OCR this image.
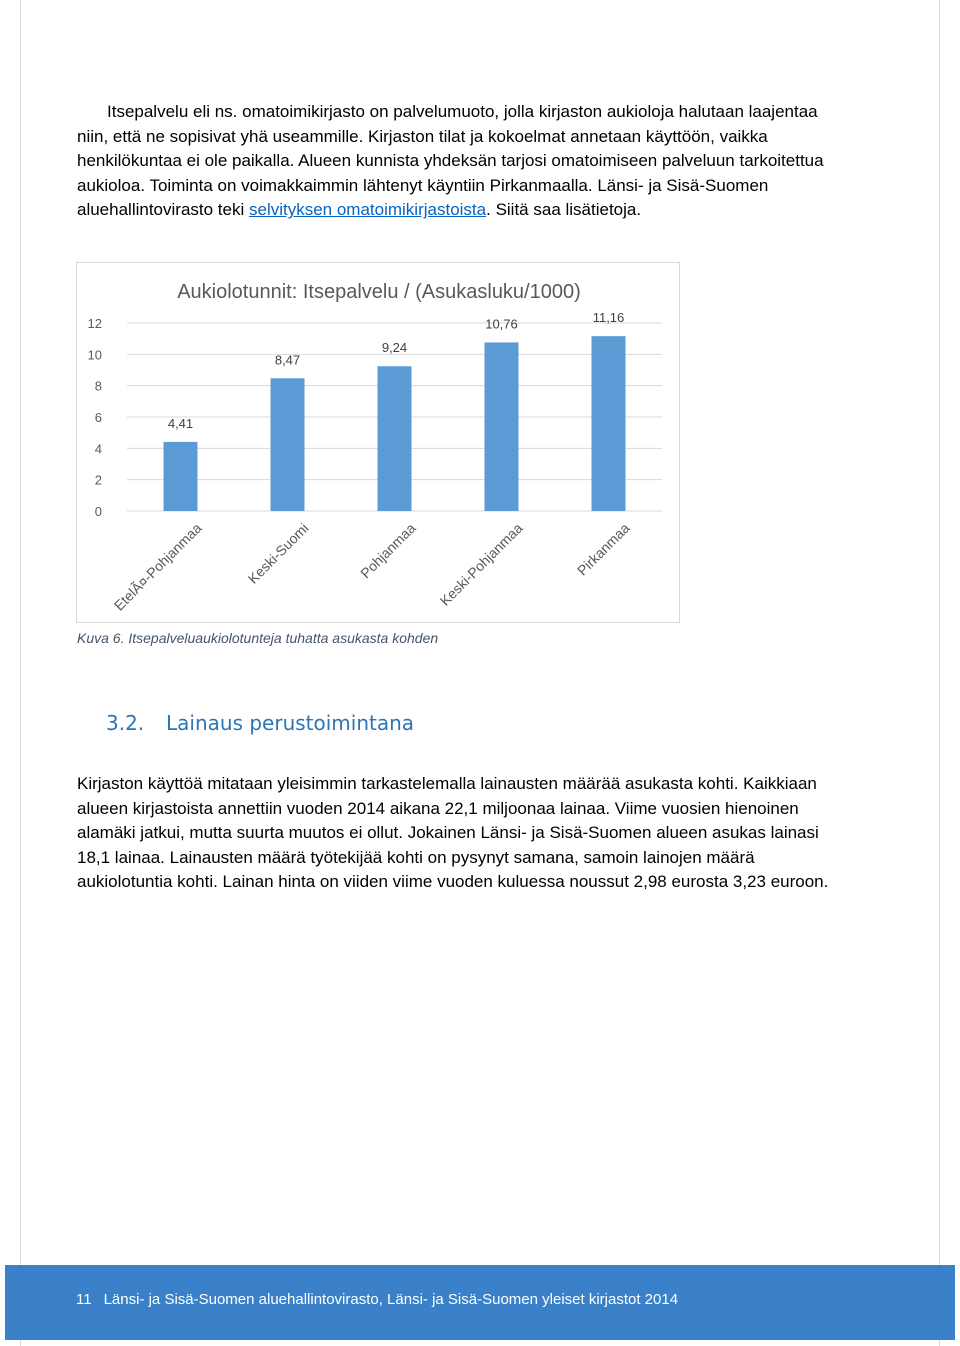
Itsepalvelu eli ns. omatoimikirjasto on palvelumuoto, jolla kirjaston aukioloja halutaan laajentaa
niin, että ne sopisivat yhä useammille. Kirjaston tilat ja kokoelmat annetaan käyttöön, vaikka
henkilökuntaa ei ole paikalla. Alueen kunnista yhdeksän tarjosi omatoimiseen palveluun tarkoitettua
aukioloa. Toiminta on voimakkaimmin lähtenyt käyntiin Pirkanmaalla. Länsi- ja Sisä-Suomen
aluehallintovirasto teki selvityksen omatoimikirjastoista. Siitä saa lisätietoja.

Aukiolotunnit: Itsepalvelu / (Asukasluku/1000)
0
2
4
6
8
10
12
4,41
8,47
9,24
10,76	11,16
EtelÃ¤-Pohjanmaa	Keski-Suomi	Pohjanmaa Keski-Pohjanmaa	Pirkanmaa
Kuva 6. Itsepalveluaukiolotunteja tuhatta asukasta kohden
3.2. Lainaus perustoimintana

Kirjaston käyttöä mitataan yleisimmin tarkastelemalla lainausten määrää asukasta kohti. Kaikkiaan
alueen kirjastoista annettiin vuoden 2014 aikana 22,1 miljoonaa lainaa. Viime vuosien hienoinen
alamäki jatkui, mutta suurta muutos ei ollut. Jokainen Länsi- ja Sisä-Suomen alueen asukas lainasi
18,1 lainaa. Lainausten määrä työtekijää kohti on pysynyt samana, samoin lainojen määrä
aukiolotuntia kohti. Lainan hinta on viiden viime vuoden kuluessa noussut 2,98 eurosta 3,23 euroon.

11 Länsi- ja Sisä-Suomen aluehallintovirasto, Länsi- ja Sisä-Suomen yleiset kirjastot 2014
